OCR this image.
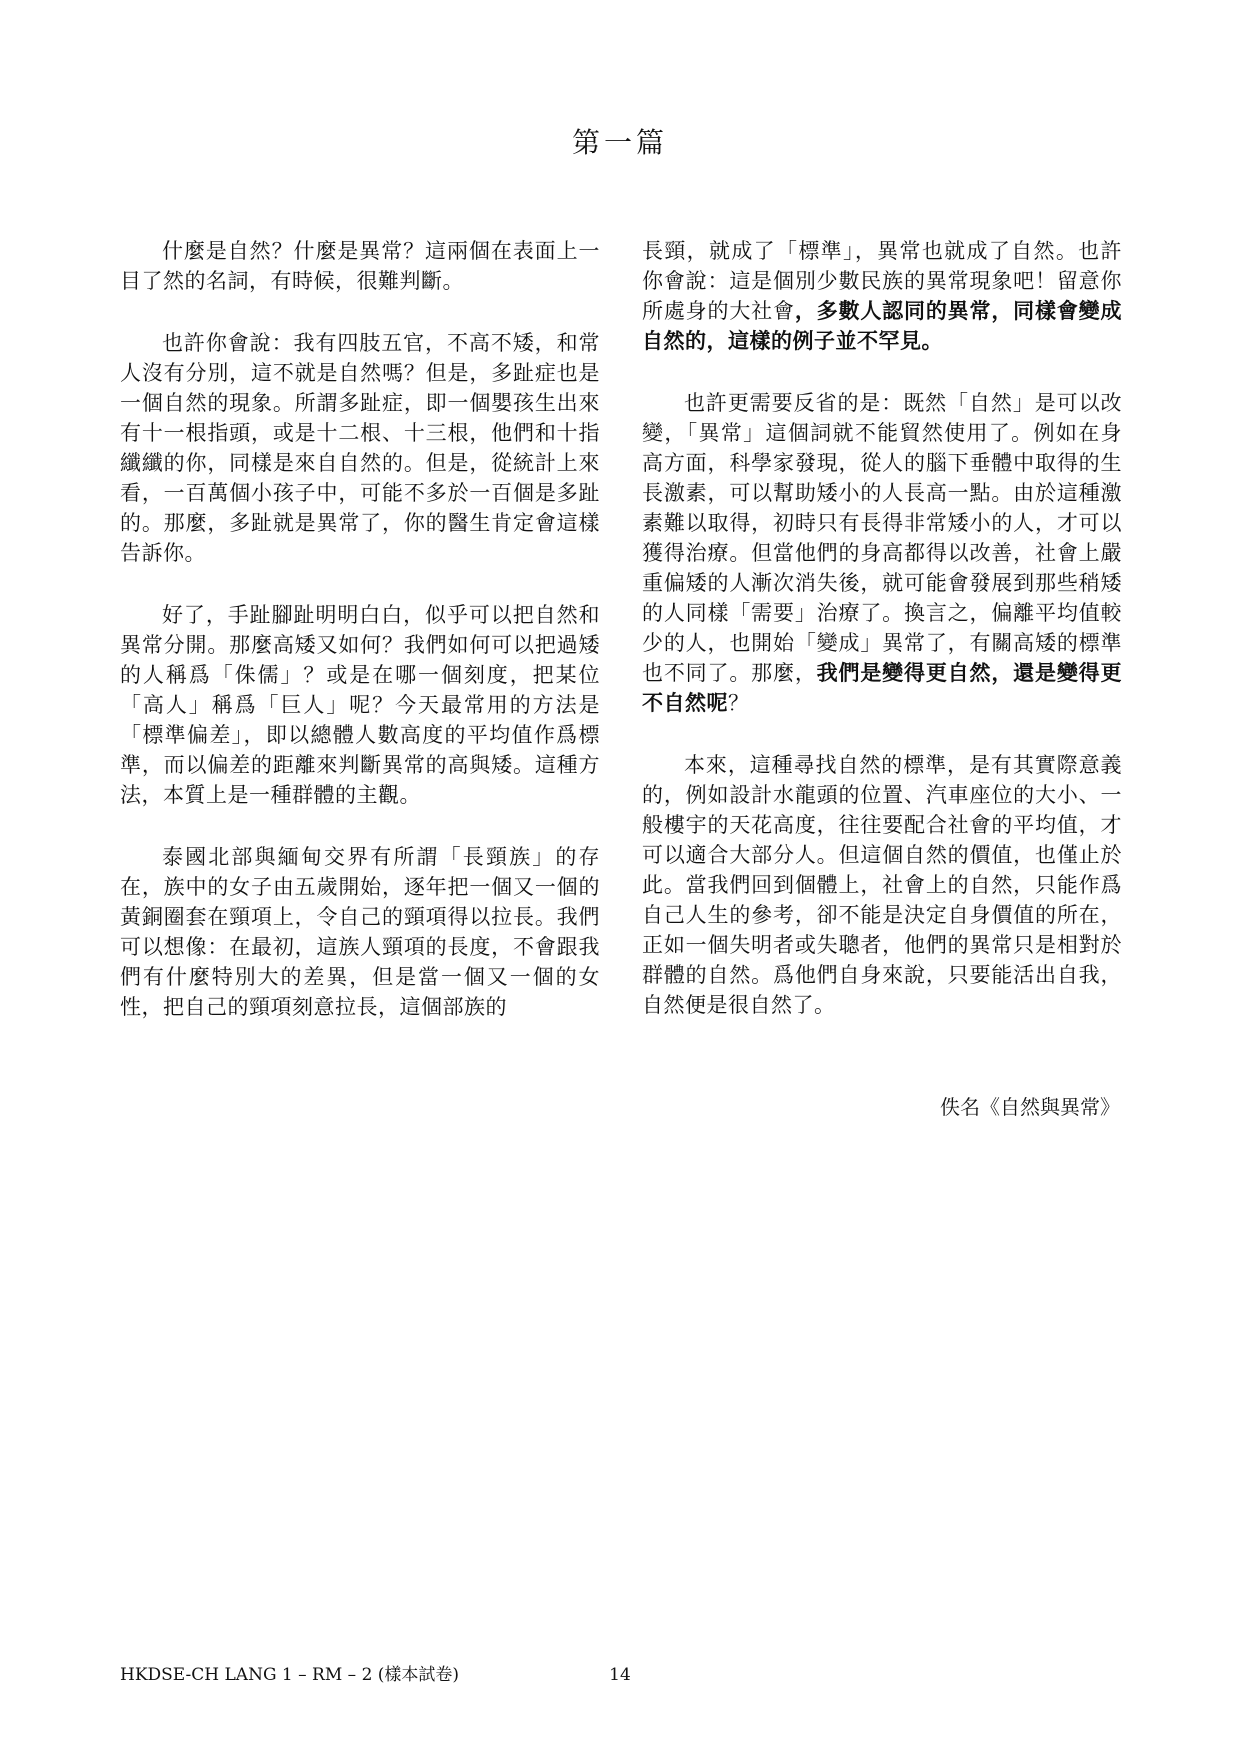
第一篇

什麼是自然？什麼是異常？這兩個在表面上一目了然的名詞，有時候，很難判斷。

也許你會說：我有四肢五官，不高不矮，和常人沒有分別，這不就是自然嗎？但是，多趾症也是一個自然的現象。所謂多趾症，即一個嬰孩生出來有十一根指頭，或是十二根、十三根，他們和十指纖纖的你，同樣是來自自然的。但是，從統計上來看，一百萬個小孩子中，可能不多於一百個是多趾的。那麼，多趾就是異常了，你的醫生肯定會這樣告訴你。

好了，手趾腳趾明明白白，似乎可以把自然和異常分開。那麼高矮又如何？我們如何可以把過矮的人稱爲「侏儒」？或是在哪一個刻度，把某位「高人」稱爲「巨人」呢？今天最常用的方法是「標準偏差」，即以總體人數高度的平均值作爲標準，而以偏差的距離來判斷異常的高與矮。這種方法，本質上是一種群體的主觀。

泰國北部與緬甸交界有所謂「長頸族」的存在，族中的女子由五歲開始，逐年把一個又一個的黃銅圈套在頸項上，令自己的頸項得以拉長。我們可以想像：在最初，這族人頸項的長度，不會跟我們有什麼特別大的差異，但是當一個又一個的女性，把自己的頸項刻意拉長，這個部族的

長頸，就成了「標準」，異常也就成了自然。也許你會說：這是個別少數民族的異常現象吧！留意你所處身的大社會，多數人認同的異常，同樣會變成自然的，這樣的例子並不罕見。

也許更需要反省的是：既然「自然」是可以改變，「異常」這個詞就不能貿然使用了。例如在身高方面，科學家發現，從人的腦下垂體中取得的生長激素，可以幫助矮小的人長高一點。由於這種激素難以取得，初時只有長得非常矮小的人，才可以獲得治療。但當他們的身高都得以改善，社會上嚴重偏矮的人漸次消失後，就可能會發展到那些稍矮的人同樣「需要」治療了。換言之，偏離平均值較少的人，也開始「變成」異常了，有關高矮的標準也不同了。那麼，我們是變得更自然，還是變得更不自然呢？

本來，這種尋找自然的標準，是有其實際意義的，例如設計水龍頭的位置、汽車座位的大小、一般樓宇的天花高度，往往要配合社會的平均值，才可以適合大部分人。但這個自然的價值，也僅止於此。當我們回到個體上，社會上的自然，只能作爲自己人生的參考，卻不能是決定自身價值的所在，正如一個失明者或失聰者，他們的異常只是相對於群體的自然。爲他們自身來說，只要能活出自我，自然便是很自然了。

佚名《自然與異常》
HKDSE-CH LANG 1 – RM – 2 (樣本試卷)	14
